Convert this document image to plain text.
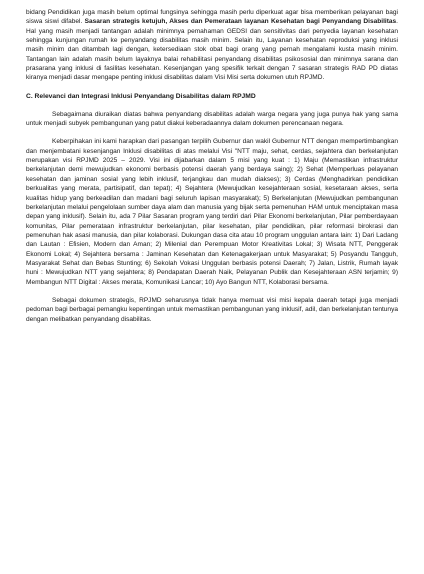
bidang Pendidikan juga masih belum optimal fungsinya sehingga masih perlu diperkuat agar bisa memberikan pelayanan bagi siswa siswi difabel. Sasaran strategis ketujuh, Akses dan Pemerataan layanan Kesehatan bagi Penyandang Disabilitas. Hal yang masih menjadi tantangan adalah minimnya pemahaman GEDSI dan sensitivitas dari penyedia layanan kesehatan sehingga kunjungan rumah ke penyandang disabilitas masih minim. Selain itu, Layanan kesehatan reproduksi yang inklusi masih minim dan ditambah lagi dengan, ketersediaan stok obat bagi orang yang pernah mengalami kusta masih minim. Tantangan lain adalah masih belum layaknya balai rehabilitasi penyandang disabilitas psikososial dan minimnya sarana dan prasarana yang inklusi di fasilitas kesehatan. Kesenjangan yang spesifik terkait dengan 7 sasaran strategis RAD PD diatas kiranya menjadi dasar mengape penting inklusi disabilitas dalam Visi Misi serta dokumen utuh RPJMD.

C. Relevanci dan Integrasi Inklusi Penyandang Disabilitas dalam RPJMD

Sebagaimana diuraikan diatas bahwa penyandang disabilitas adalah warga negara yang juga punya hak yang sama untuk menjadi subyek pembangunan yang patut diakui keberadaannya dalam dokumen perencanaan negara.

Keberpihakan ini kami harapkan dari pasangan terpilih Gubernur dan wakil Gubernur NTT dengan mempertimbangkan dan menjembatani kesenjangan Inklusi disabilitas di atas melalui Visi "NTT maju, sehat, cerdas, sejahtera dan berkelanjutan merupakan visi RPJMD 2025 – 2029. Visi ini dijabarkan dalam 5 misi yang kuat : 1) Maju (Memastikan infrastruktur berkelanjutan demi mewujudkan ekonomi berbasis potensi daerah yang berdaya saing); 2) Sehat (Memperluas pelayanan kesehatan dan jaminan sosial yang lebih inklusif, terjangkau dan mudah diakses); 3) Cerdas (Menghadirkan pendidikan berkualitas yang merata, partisipatif, dan tepat); 4) Sejahtera (Mewujudkan kesejahteraan sosial, kesetaraan akses, serta kualitas hidup yang berkeadilan dan madani bagi seluruh lapisan masyarakat); 5) Berkelanjutan (Mewujudkan pembangunan berkelanjutan melalui pengelolaan sumber daya alam dan manusia yang bijak serta pemenuhan HAM untuk menciptakan masa depan yang inklusif). Selain itu, ada 7 Pilar Sasaran program yang terdiri dari Pilar Ekonomi berkelanjutan, Pilar pemberdayaan komunitas, Pilar pemerataan infrastruktur berkelanjutan, pilar kesehatan, pilar pendidikan, pilar reformasi birokrasi dan pemenuhan hak asasi manusia, dan pilar kolaborasi. Dukungan dasa cita atau 10 program unggulan antara lain: 1) Dari Ladang dan Lautan : Efisien, Modern dan Aman; 2) Milenial dan Perempuan Motor Kreativitas Lokal; 3) Wisata NTT, Penggerak Ekonomi Lokal; 4) Sejahtera bersama : Jaminan Kesehatan dan Ketenagakerjaan untuk Masyarakat; 5) Posyandu Tangguh, Masyarakat Sehat dan Bebas Stunting; 6) Sekolah Vokasi Unggulan berbasis potensi Daerah; 7) Jalan, Listrik, Rumah layak huni : Mewujudkan NTT yang sejahtera; 8) Pendapatan Daerah Naik, Pelayanan Publik dan Kesejahteraan ASN terjamin; 9) Membangun NTT Digital : Akses merata, Komunikasi Lancar; 10) Ayo Bangun NTT, Kolaborasi bersama.

Sebagai dokumen strategis, RPJMD seharusnya tidak hanya memuat visi misi kepala daerah tetapi juga menjadi pedoman bagi berbagai pemangku kepentingan untuk memastikan pembangunan yang inklusif, adil, dan berkelanjutan tentunya dengan melibatkan penyandang disabilitas.
